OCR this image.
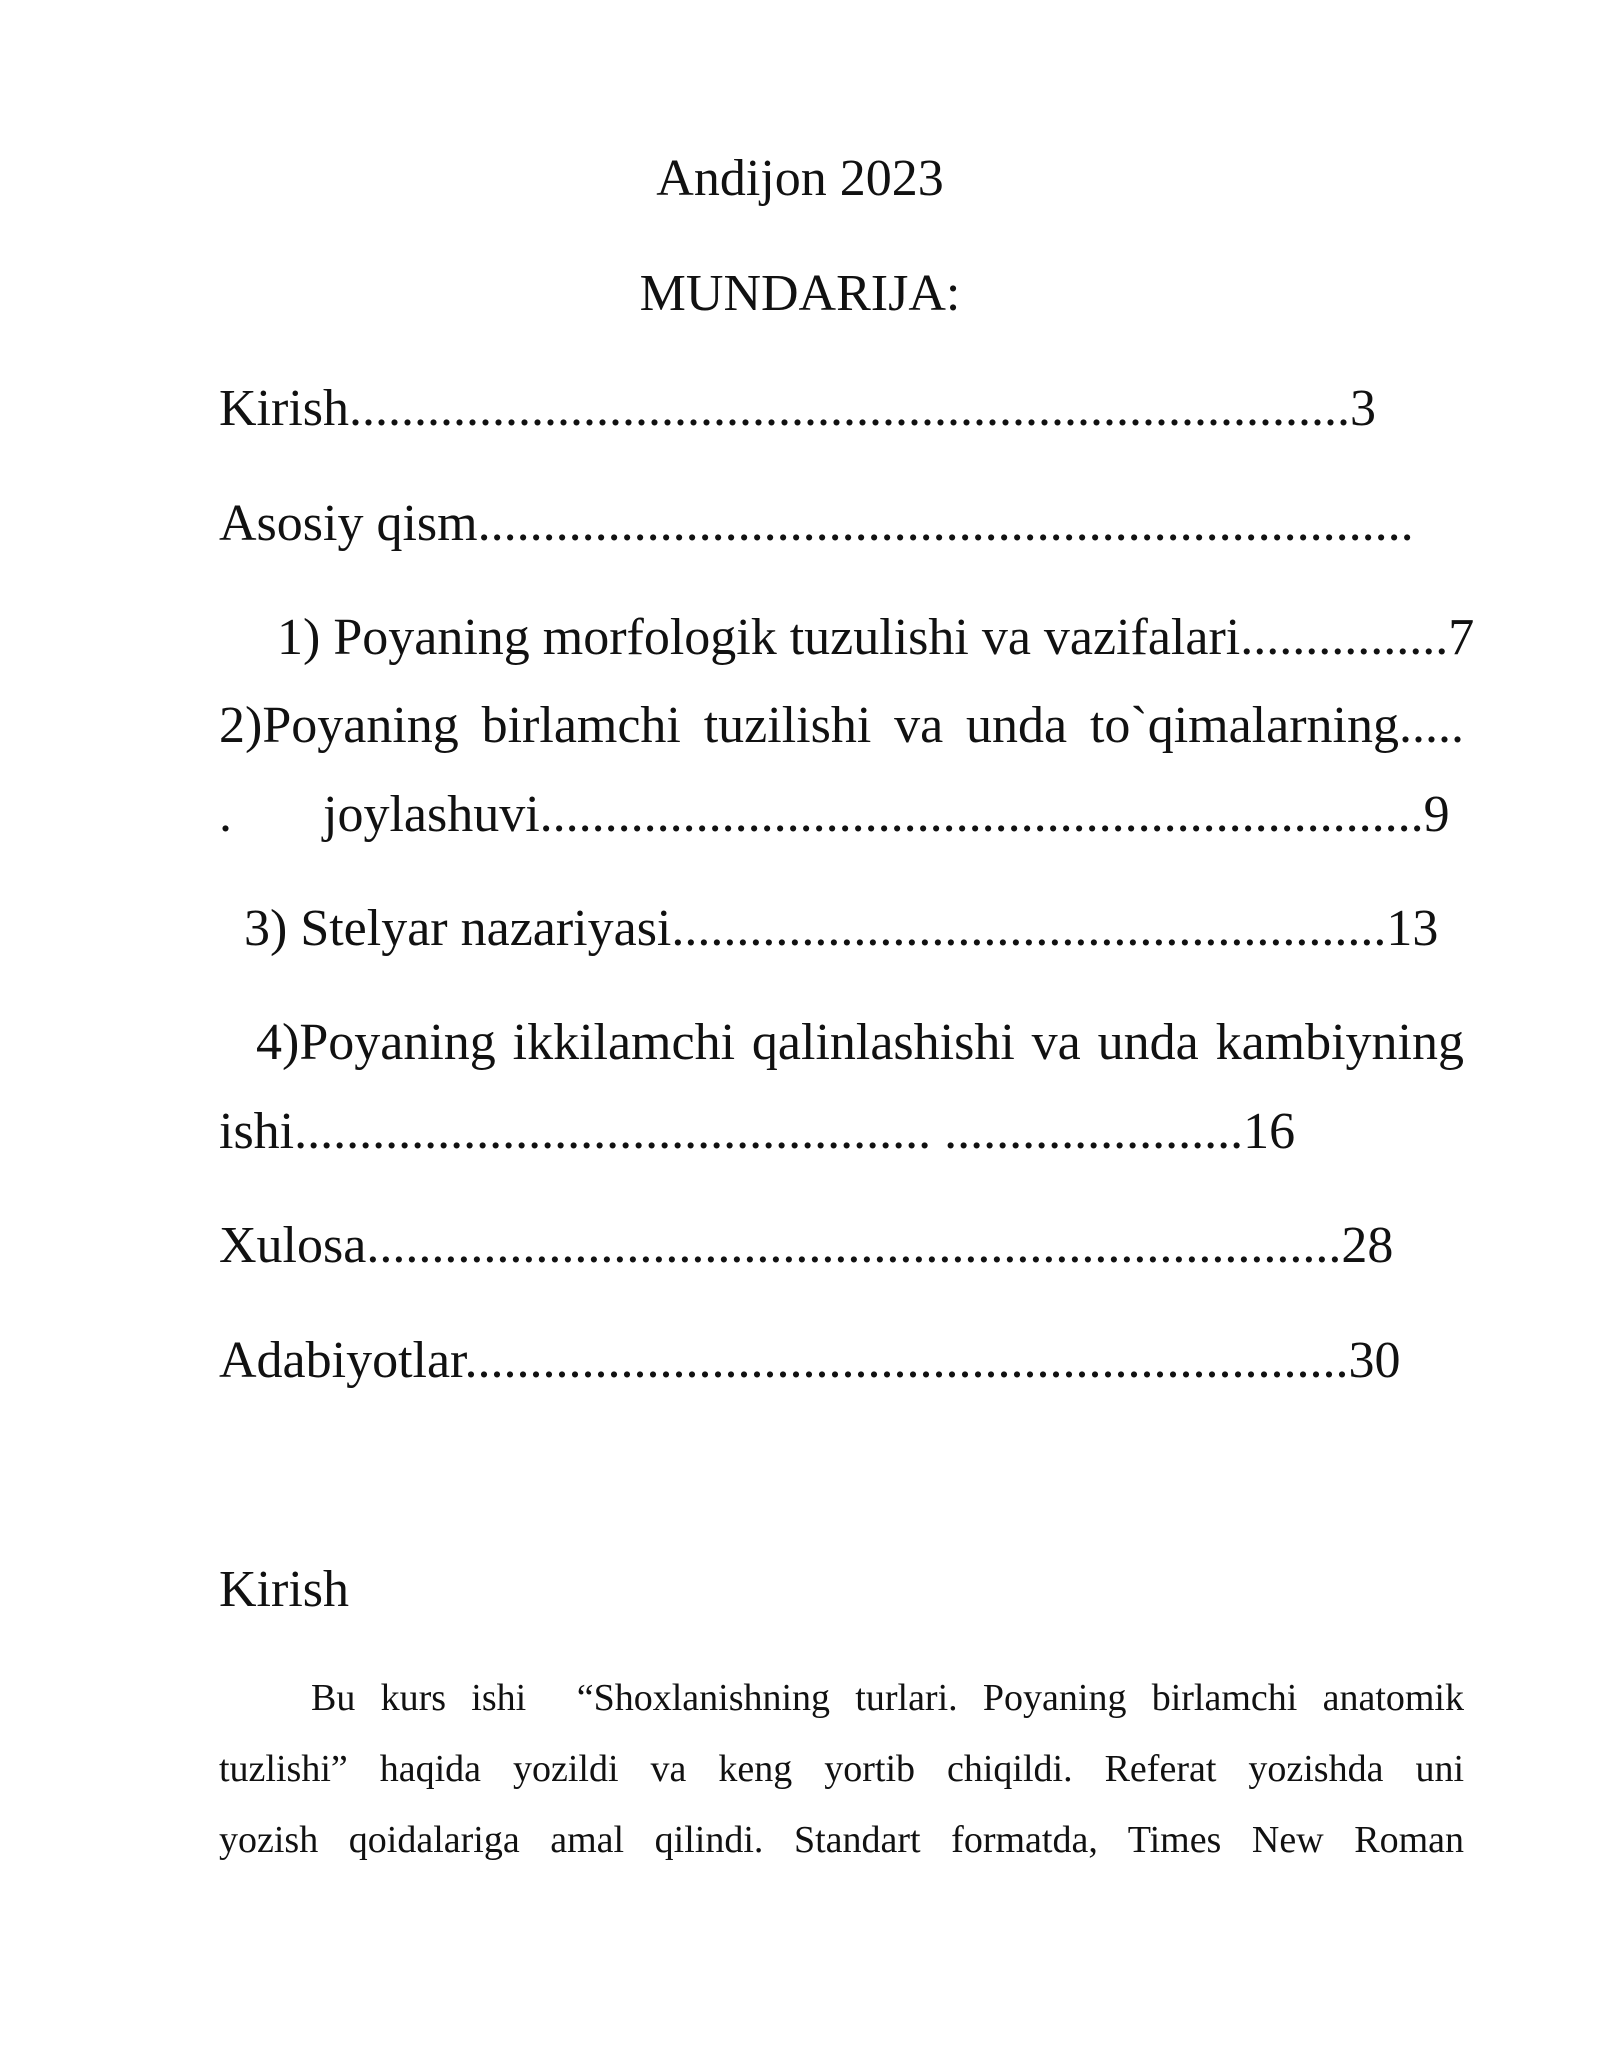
Andijon 2023
MUNDARIJA:
Kirish.............................................................................3
Asosiy qism........................................................................
1) Poyaning morfologik tuzulishi va vazifalari................7
2)Poyaning birlamchi tuzilishi va unda to`qimalarning.....
.       joylashuvi....................................................................9
3) Stelyar nazariyasi.......................................................13
4)Poyaning ikkilamchi qalinlashishi va unda kambiyning
ishi................................................. .......................16
Xulosa...........................................................................28
Adabiyotlar....................................................................30
Kirish
Bu kurs ishi  “Shoxlanishning turlari. Poyaning birlamchi anatomik
tuzlishi” haqida yozildi va keng yortib chiqildi. Referat yozishda uni
yozish qoidalariga amal qilindi. Standart formatda, Times New Roman
